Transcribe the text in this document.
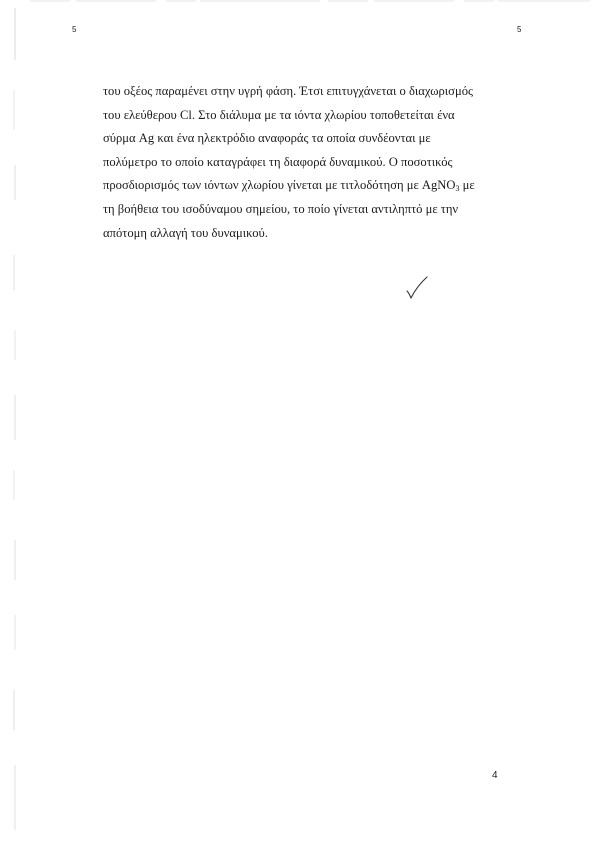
5	5
του οξέος παραμένει στην υγρή φάση. Έτσι επιτυγχάνεται ο διαχωρισμός
του ελεύθερου Cl. Στο διάλυμα με τα ιόντα χλωρίου τοποθετείται ένα
σύρμα Ag και ένα ηλεκτρόδιο αναφοράς τα οποία συνδέονται με
πολύμετρο το οποίο καταγράφει τη διαφορά δυναμικού. Ο ποσοτικός
προσδιορισμός των ιόντων χλωρίου γίνεται με τιτλοδότηση με AgNO$_3$ με
τη βοήθεια του ισοδύναμου σημείου, το ποίο γίνεται αντιληπτό με την
απότομη αλλαγή του δυναμικού.
4
